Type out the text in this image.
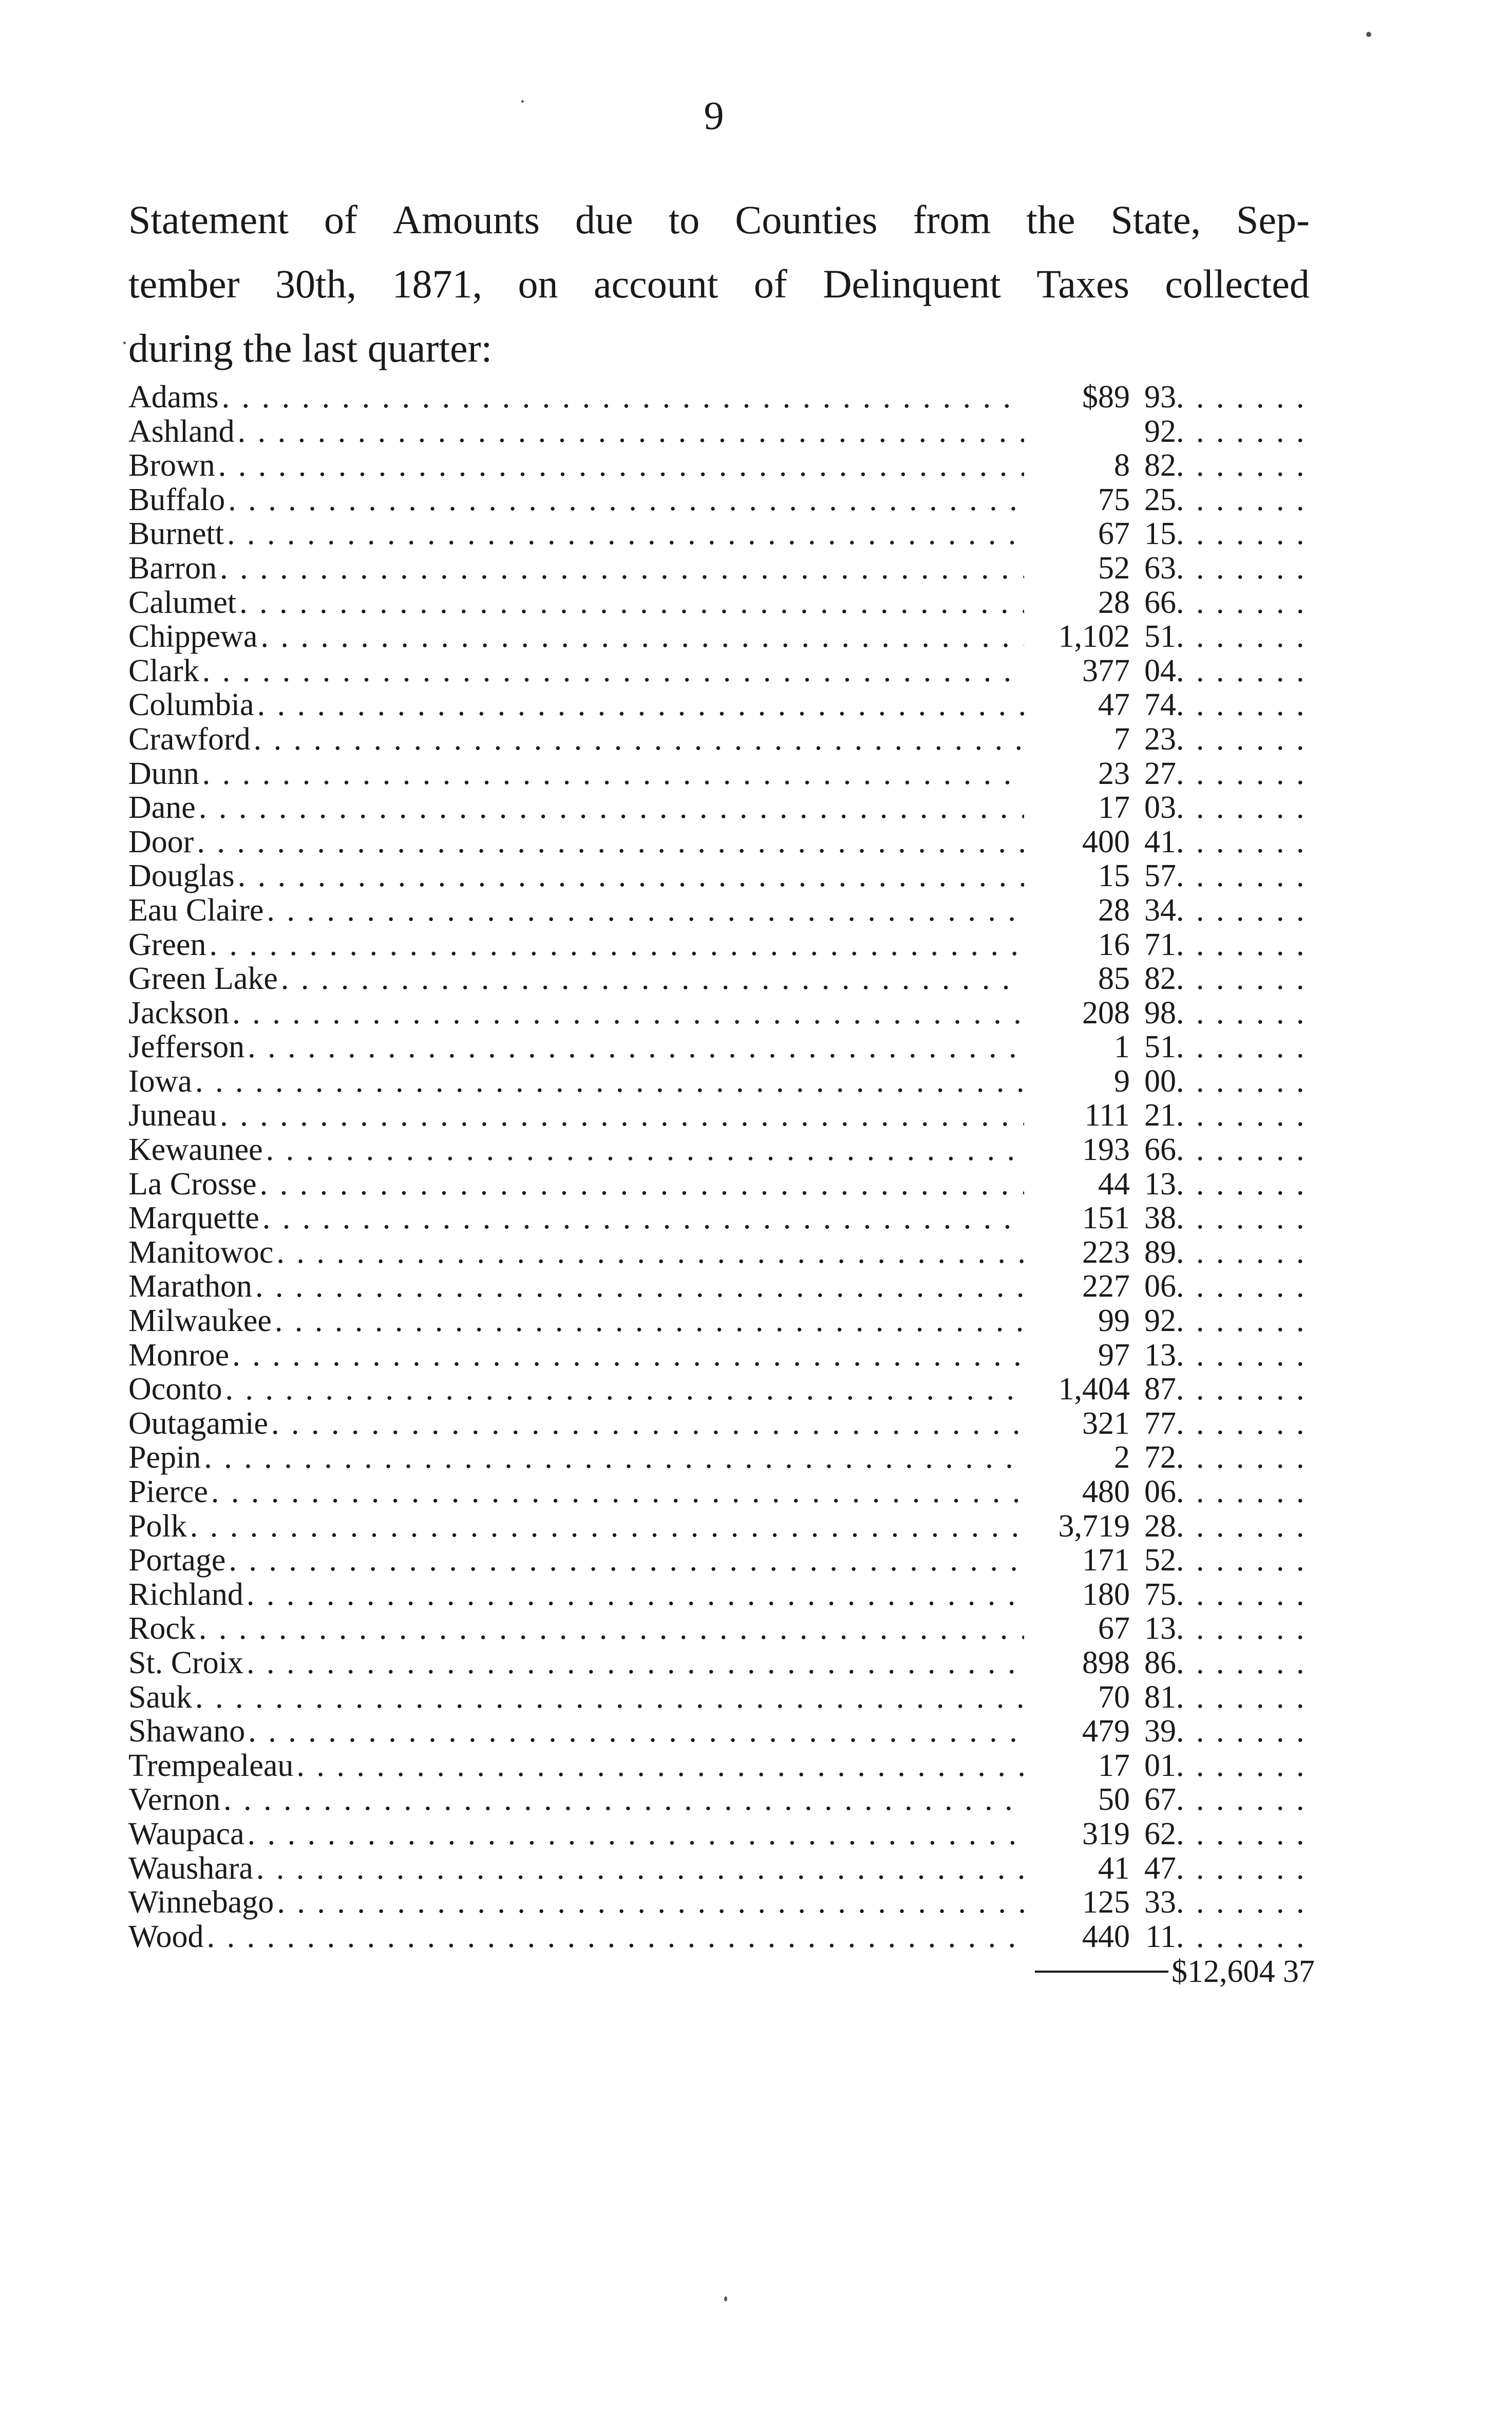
9
Statement of Amounts due to Counties from the State, Sep-
tember 30th, 1871, on account of Delinquent Taxes collected
during the last quarter:
Adams . . .	$89 93
. . .
Ashland . . .	92
. . .
Brown . . .	8 82
. . .
Buffalo . . .	75 25
. . .
Burnett . . .	67 15
. . .
Barron . . .	52 63
. . .
Calumet . . .	28 66
. . .
Chippewa . . .	1,102 51
. . .
Clark . . .	377 04
. . .
Columbia . . .	47 74
. . .
Crawford . . .	7 23
. . .
Dunn . . .	23 27
. . .
Dane . . .	17 03
. . .
Door . . .	400 41
. . .
Douglas . . .	15 57
. . .
Eau Claire . . .	28 34
. . .
Green . . .	16 71
. . .
Green Lake . . .	85 82
. . .
Jackson . . .	208 98
. . .
Jefferson . . .	1 51
. . .
Iowa . . .	9 00
. . .
Juneau . . .	111 21
. . .
Kewaunee . . .	193 66
. . .
La Crosse . . .	44 13
. . .
Marquette . . .	151 38
. . .
Manitowoc . . .	223 89
. . .
Marathon . . .	227 06
. . .
Milwaukee . . .	99 92
. . .
Monroe . . .	97 13
. . .
Oconto . . .	1,404 87
. . .
Outagamie . . .	321 77
. . .
Pepin . . .	2 72
. . .
Pierce . . .	480 06
. . .
Polk . . .	3,719 28
. . .
Portage . . .	171 52
. . .
Richland . . .	180 75
. . .
Rock . . .	67 13
. . .
St. Croix . . .	898 86
. . .
Sauk . . .	70 81
. . .
Shawano . . .	479 39
. . .
Trempealeau . . .	17 01
. . .
Vernon . . .	50 67
. . .
Waupaca . . .	319 62
. . .
Waushara . . .	41 47
. . .
Winnebago . . .	125 33
. . .
Wood . . .	440 11
. . .
$12,604 37
